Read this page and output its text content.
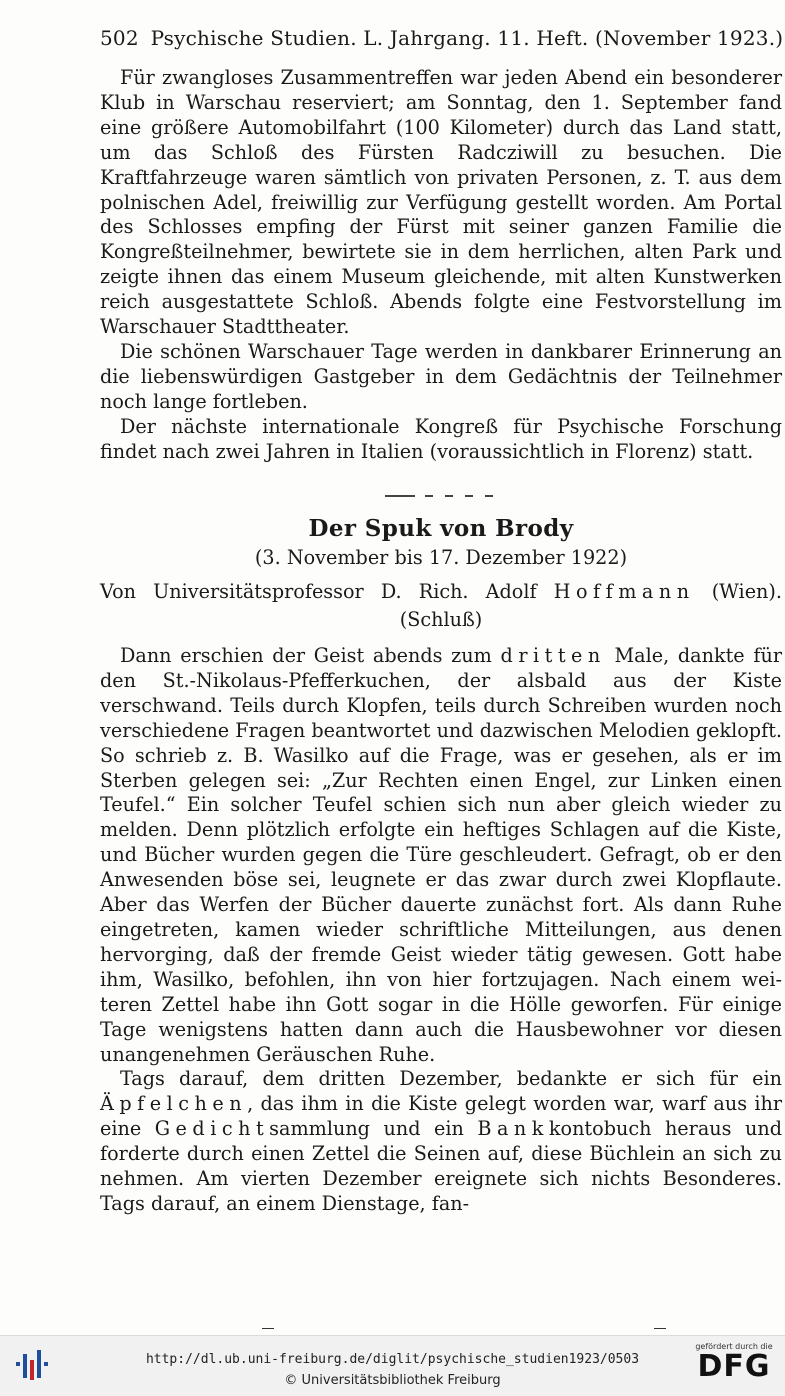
502 Psychische Studien. L. Jahrgang. 11. Heft. (November 1923.)

Für zwangloses Zusammentreffen war jeden Abend ein besonderer Klub in Warschau reserviert; am Sonntag, den 1. September fand eine größere Automobilfahrt (100 Kilometer) durch das Land statt, um das Schloß des Fürsten Radcziwill zu besuchen. Die Kraftfahrzeuge waren sämtlich von privaten Personen, z. T. aus dem polnischen Adel, freiwillig zur Verfügung gestellt worden. Am Portal des Schlosses empfing der Fürst mit seiner ganzen Familie die Kongreßteilnehmer, bewirtete sie in dem herrlichen, alten Park und zeigte ihnen das einem Museum gleichende, mit alten Kunstwerken reich ausgestattete Schloß. Abends folgte eine Festvorstellung im Warschauer Stadttheater.

Die schönen Warschauer Tage werden in dankbarer Erinnerung an die liebenswürdigen Gastgeber in dem Gedächtnis der Teilnehmer noch lange fortleben.

Der nächste internationale Kongreß für Psychische Forschung findet nach zwei Jahren in Italien (voraussichtlich in Florenz) statt.

Der Spuk von Brody
(3. November bis 17. Dezember 1922)
Von Universitätsprofessor D. Rich. Adolf Hoffmann (Wien).
(Schluß)

Dann erschien der Geist abends zum dritten Male, dankte für den St.-Nikolaus-Pfefferkuchen, der alsbald aus der Kiste verschwand. Teils durch Klopfen, teils durch Schreiben wurden noch verschiedene Fragen beantwortet und dazwischen Melodien geklopft. So schrieb z. B. Wasilko auf die Frage, was er gesehen, als er im Sterben gelegen sei: „Zur Rechten einen Engel, zur Linken einen Teufel.“ Ein solcher Teufel schien sich nun aber gleich wieder zu melden. Denn plötzlich erfolgte ein heftiges Schlagen auf die Kiste, und Bücher wurden gegen die Türe geschleudert. Gefragt, ob er den Anwesenden böse sei, leugnete er das zwar durch zwei Klopflaute. Aber das Werfen der Bücher dauerte zunächst fort. Als dann Ruhe eingetreten, kamen wieder schriftliche Mitteilungen, aus denen hervorging, daß der fremde Geist wieder tätig gewesen. Gott habe ihm, Wasilko, befohlen, ihn von hier fortzujagen. Nach einem weiteren Zettel habe ihn Gott sogar in die Hölle geworfen. Für einige Tage wenigstens hatten dann auch die Hausbewohner vor diesen unangenehmen Geräuschen Ruhe.

Tags darauf, dem dritten Dezember, bedankte er sich für ein Äpfelchen, das ihm in die Kiste gelegt worden war, warf aus ihr eine Gedichtsammlung und ein Bankkontobuch heraus und forderte durch einen Zettel die Seinen auf, diese Büchlein an sich zu nehmen. Am vierten Dezember ereignete sich nichts Besonderes. Tags darauf, an einem Dienstage, fan-

http://dl.ub.uni-freiburg.de/diglit/psychische_studien1923/0503
© Universitätsbibliothek Freiburg
gefördert durch die
DFG
